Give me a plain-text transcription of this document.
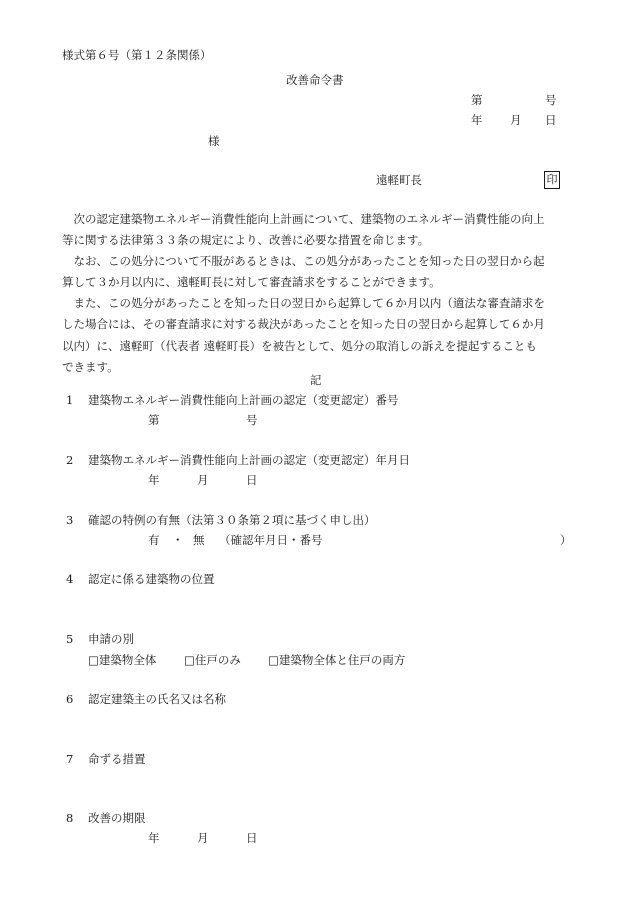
様式第６号（第１２条関係）
改善命令書
第	号
年 月 日
様
遠軽町長	印
　次の認定建築物エネルギー消費性能向上計画について、建築物のエネルギー消費性能の向上
等に関する法律第３３条の規定により、改善に必要な措置を命じます。
　なお、この処分について不服があるときは、この処分があったことを知った日の翌日から起
算して３か月以内に、遠軽町長に対して審査請求をすることができます。
　また、この処分があったことを知った日の翌日から起算して６か月以内（適法な審査請求を
した場合には、その審査請求に対する裁決があったことを知った日の翌日から起算して６か月
以内）に、遠軽町（代表者 遠軽町長）を被告として、処分の取消しの訴えを提起することも
できます。
記
1 建築物エネルギー消費性能向上計画の認定（変更認定）番号
第	号
2 建築物エネルギー消費性能向上計画の認定（変更認定）年月日
年	月	日
3 確認の特例の有無（法第３０条第２項に基づく申し出）
有 ・ 無 （確認年月日・番号	）
4 認定に係る建築物の位置
5 申請の別
□建築物全体 □住戸のみ □建築物全体と住戸の両方
6 認定建築主の氏名又は名称
7 命ずる措置
8 改善の期限
年	月	日
